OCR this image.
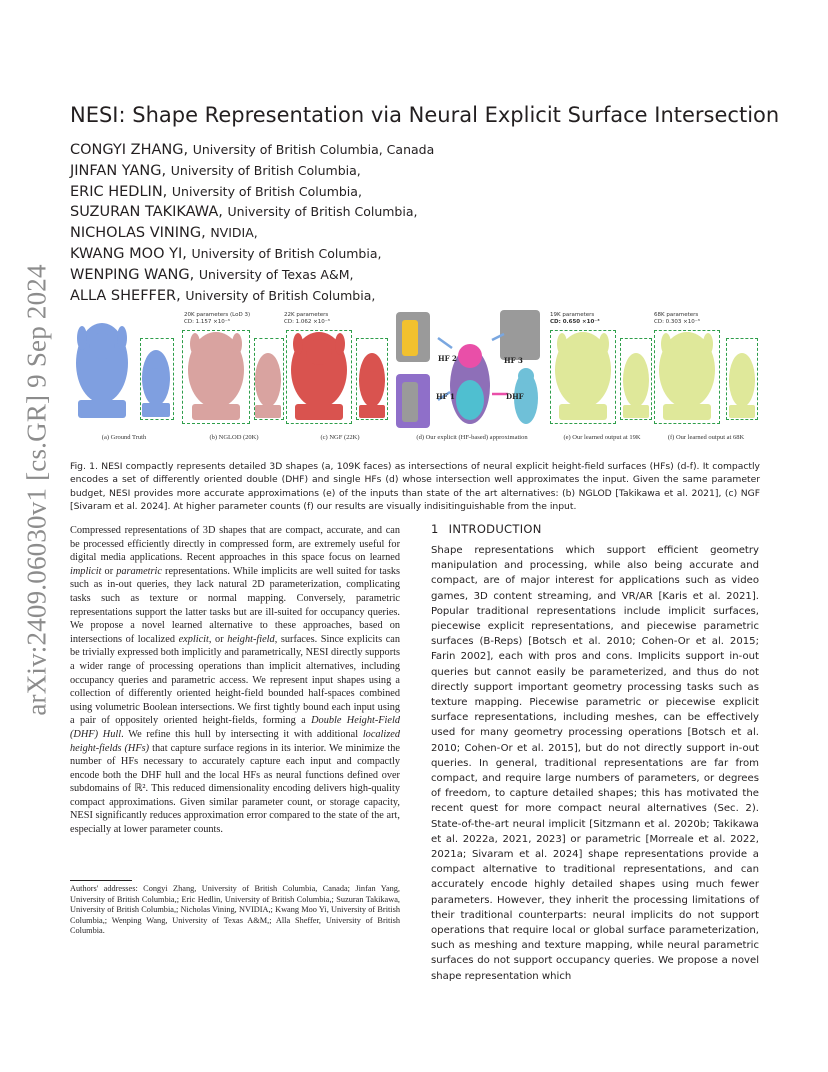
arXiv:2409.06030v1 [cs.GR] 9 Sep 2024
NESI: Shape Representation via Neural Explicit Surface Intersection
CONGYI ZHANG, University of British Columbia, Canada
JINFAN YANG, University of British Columbia,
ERIC HEDLIN, University of British Columbia,
SUZURAN TAKIKAWA, University of British Columbia,
NICHOLAS VINING, NVIDIA,
KWANG MOO YI, University of British Columbia,
WENPING WANG, University of Texas A&M,
ALLA SHEFFER, University of British Columbia,
(a) Ground Truth
20K parameters (LoD 3)
CD: 1.157 ×10⁻³
(b) NGLOD (20K)
22K parameters
CD: 1.062 ×10⁻³
(c) NGF (22K)
HF 2	HF 3
HF 1	DHF
(d) Our explicit (HF-based) approximation
19K parameters
CD: 0.650 ×10⁻³
(e) Our learned output at 19K
68K parameters
CD: 0.303 ×10⁻³
(f) Our learned output at 68K

Fig. 1. NESI compactly represents detailed 3D shapes (a, 109K faces) as intersections of neural explicit height-field surfaces (HFs) (d-f). It compactly encodes a set of differently oriented double (DHF) and single HFs (d) whose intersection well approximates the input. Given the same parameter budget, NESI provides more accurate approximations (e) of the inputs than state of the art alternatives: (b) NGLOD [Takikawa et al. 2021], (c) NGF [Sivaram et al. 2024]. At higher parameter counts (f) our results are visually indisitinguishable from the input.

Compressed representations of 3D shapes that are compact, accurate, and can be processed efficiently directly in compressed form, are extremely useful for digital media applications. Recent approaches in this space focus on learned implicit or parametric representations. While implicits are well suited for tasks such as in-out queries, they lack natural 2D parameterization, complicating tasks such as texture or normal mapping. Conversely, parametric representations support the latter tasks but are ill-suited for occupancy queries. We propose a novel learned alternative to these approaches, based on intersections of localized explicit, or height-field, surfaces. Since explicits can be trivially expressed both implicitly and parametrically, NESI directly supports a wider range of processing operations than implicit alternatives, including occupancy queries and parametric access. We represent input shapes using a collection of differently oriented height-field bounded half-spaces combined using volumetric Boolean intersections. We first tightly bound each input using a pair of oppositely oriented height-fields, forming a Double Height-Field (DHF) Hull. We refine this hull by intersecting it with additional localized height-fields (HFs) that capture surface regions in its interior. We minimize the number of HFs necessary to accurately capture each input and compactly encode both the DHF hull and the local HFs as neural functions defined over subdomains of ℝ². This reduced dimensionality encoding delivers high-quality compact approximations. Given similar parameter count, or storage capacity, NESI significantly reduces approximation error compared to the state of the art, especially at lower parameter counts.

Authors' addresses: Congyi Zhang, University of British Columbia, Canada; Jinfan Yang, University of British Columbia,; Eric Hedlin, University of British Columbia,; Suzuran Takikawa, University of British Columbia,; Nicholas Vining, NVIDIA,; Kwang Moo Yi, University of British Columbia,; Wenping Wang, University of Texas A&M,; Alla Sheffer, University of British Columbia.

1 INTRODUCTION

Shape representations which support efficient geometry manipulation and processing, while also being accurate and compact, are of major interest for applications such as video games, 3D content streaming, and VR/AR [Karis et al. 2021]. Popular traditional representations include implicit surfaces, piecewise explicit representations, and piecewise parametric surfaces (B-Reps) [Botsch et al. 2010; Cohen-Or et al. 2015; Farin 2002], each with pros and cons. Implicits support in-out queries but cannot easily be parameterized, and thus do not directly support important geometry processing tasks such as texture mapping. Piecewise parametric or piecewise explicit surface representations, including meshes, can be effectively used for many geometry processing operations [Botsch et al. 2010; Cohen-Or et al. 2015], but do not directly support in-out queries. In general, traditional representations are far from compact, and require large numbers of parameters, or degrees of freedom, to capture detailed shapes; this has motivated the recent quest for more compact neural alternatives (Sec. 2). State-of-the-art neural implicit [Sitzmann et al. 2020b; Takikawa et al. 2022a, 2021, 2023] or parametric [Morreale et al. 2022, 2021a; Sivaram et al. 2024] shape representations provide a compact alternative to traditional representations, and can accurately encode highly detailed shapes using much fewer parameters. However, they inherit the processing limitations of their traditional counterparts: neural implicits do not support operations that require local or global surface parameterization, such as meshing and texture mapping, while neural parametric surfaces do not support occupancy queries. We propose a novel shape representation which
